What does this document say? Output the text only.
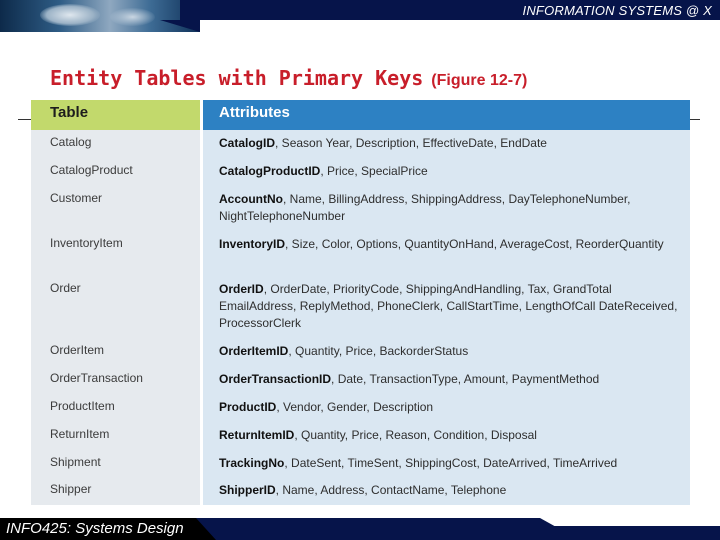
INFORMATION SYSTEMS @ X
Entity Tables with Primary Keys (Figure 12-7)
Table	Attributes
Catalog	CatalogID, Season Year, Description, EffectiveDate, EndDate
CatalogProduct	CatalogProductID, Price, SpecialPrice
Customer	AccountNo, Name, BillingAddress, ShippingAddress, DayTelephoneNumber, NightTelephoneNumber
InventoryItem	InventoryID, Size, Color, Options, QuantityOnHand, AverageCost, ReorderQuantity
Order	OrderID, OrderDate, PriorityCode, ShippingAndHandling, Tax, GrandTotal EmailAddress, ReplyMethod, PhoneClerk, CallStartTime, LengthOfCall DateReceived, ProcessorClerk
OrderItem	OrderItemID, Quantity, Price, BackorderStatus
OrderTransaction	OrderTransactionID, Date, TransactionType, Amount, PaymentMethod
ProductItem	ProductID, Vendor, Gender, Description
ReturnItem	ReturnItemID, Quantity, Price, Reason, Condition, Disposal
Shipment	TrackingNo, DateSent, TimeSent, ShippingCost, DateArrived, TimeArrived
Shipper	ShipperID, Name, Address, ContactName, Telephone
INFO425: Systems Design
